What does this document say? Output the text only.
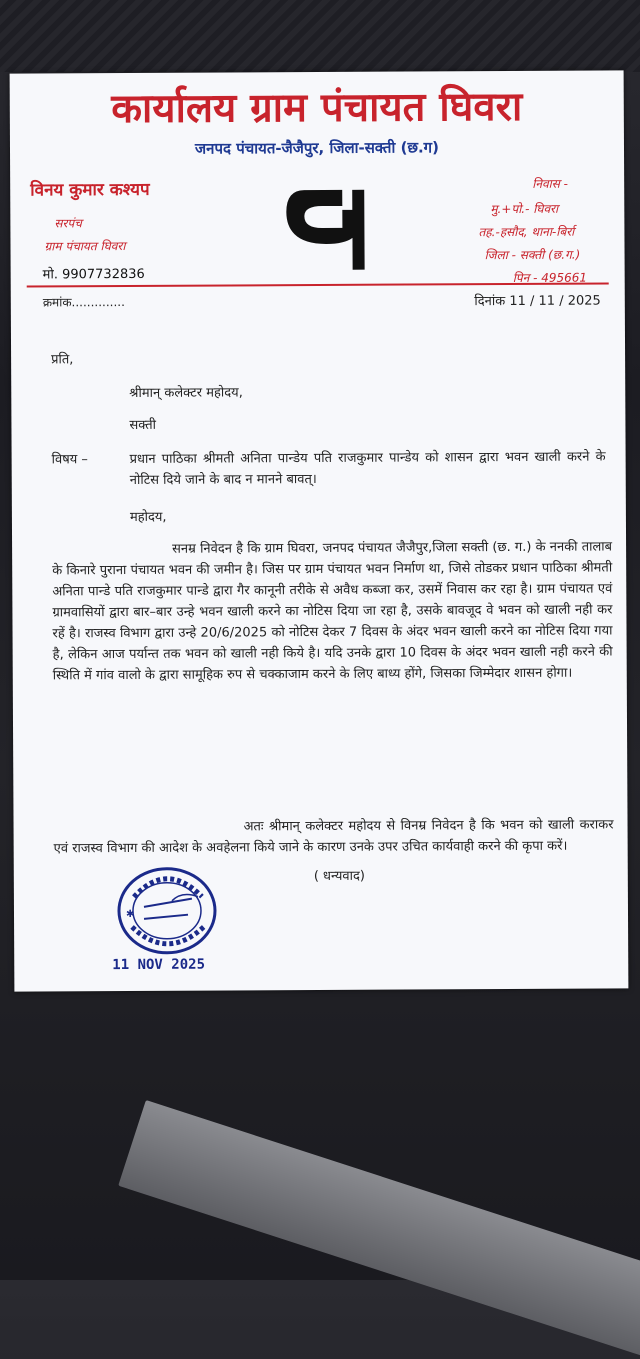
कार्यालय ग्राम पंचायत घिवरा
जनपद पंचायत-जैजैपुर, जिला-सक्ती (छ.ग)
विनय कुमार कश्यप
सरपंच
ग्राम पंचायत घिवरा
मो. 9907732836
निवास -
मु.+पो.- घिवरा
तह.-हसौद, थाना-बिर्रा
जिला - सक्ती (छ.ग.)
पिन - 495661
क्रमांक..............	दिनांक 11 / 11 / 2025
प्रति,
श्रीमान् कलेक्टर महोदय,
सक्ती
विषय –	प्रधान पाठिका श्रीमती अनिता पान्डेय पति राजकुमार पान्डेय को शासन द्वारा भवन खाली करने के नोटिस दिये जाने के बाद न मानने बावत्।
महोदय,
सनम्र निवेदन है कि ग्राम घिवरा, जनपद पंचायत जैजैपुर,जिला सक्ती (छ. ग.) के ननकी तालाब के किनारे पुराना पंचायत भवन की जमीन है। जिस पर ग्राम पंचायत भवन निर्माण था, जिसे तोडकर प्रधान पाठिका श्रीमती अनिता पान्डे पति राजकुमार पान्डे द्वारा गैर कानूनी तरीके से अवैध कब्जा कर, उसमें निवास कर रहा है। ग्राम पंचायत एवं ग्रामवासियों द्वारा बार–बार उन्हे भवन खाली करने का नोटिस दिया जा रहा है, उसके बावजूद वे भवन को खाली नही कर रहें है। राजस्व विभाग द्वारा उन्हे 20/6/2025 को नोटिस देकर 7 दिवस के अंदर भवन खाली करने का नोटिस दिया गया है, लेकिन आज पर्यान्त तक भवन को खाली नही किये है। यदि उनके द्वारा 10 दिवस के अंदर भवन खाली नही करने की स्थिति में गांव वालो के द्वारा सामूहिक रुप से चक्काजाम करने के लिए बाध्य होंगे, जिसका जिम्मेदार शासन होगा।
अतः श्रीमान् कलेक्टर महोदय से विनम्र निवेदन है कि भवन को खाली कराकर एवं राजस्व विभाग की आदेश के अवहेलना किये जाने के कारण उनके उपर उचित कार्यवाही करने की कृपा करें।
( धन्यवाद)
✱
11 NOV 2025
